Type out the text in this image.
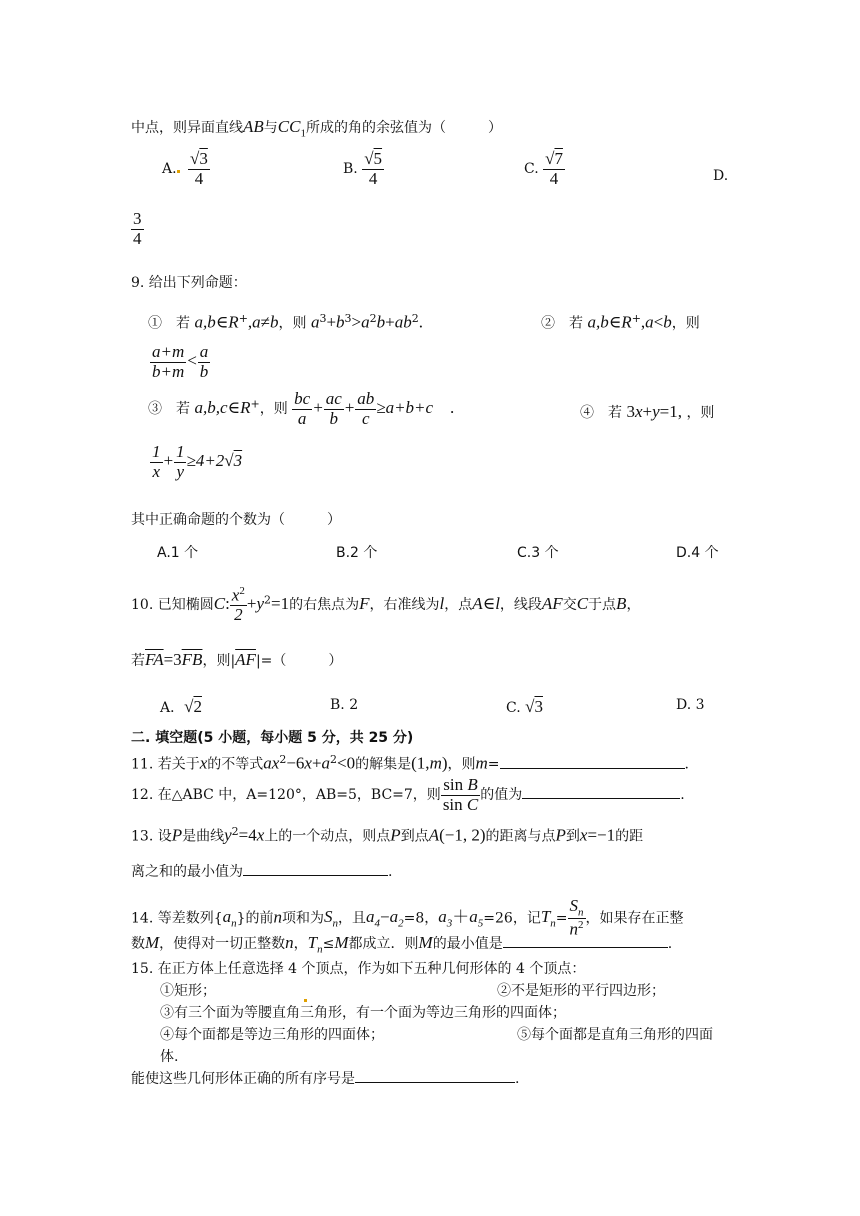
中点，则异面直线AB与$CC_1$所成的角的余弦值为（　　　）
A. $\frac{√3}{4}$	B. $\frac{√5}{4}$	C. $\frac{√7}{4}$	D.
$\frac{3}{4}$
9. 给出下列命题：
①　若 a,b∈R+,a≠b，则 $a^3+b^3>a^2b+ab^2$.	②　若 a,b∈R+,a<b，则
$\frac{a+m}{b+m} < \frac{a}{b}$
③　若 a,b,c∈R+，则 $\frac{bc}{a} + \frac{ac}{b} + \frac{ab}{c} \ge a+b+c$　.	④　若 3x+y=1, ，则
$\frac{1}{x} + \frac{1}{y} \ge 4+2√3$
其中正确命题的个数为（　　　）
A.1 个	B.2 个	C.3 个	D.4 个
10. 已知椭圆C: $\frac{x^2}{2} +y^2=1$的右焦点为F，右准线为l，点A∈l，线段AF交C于点B，
若$\overline{FA}=3\overline{FB}$，则$|\overline{AF}|=$（　　　）
A．√2	B. 2	C. √3	D. 3
二. 填空题(5 小题，每小题 5 分，共 25 分)
11. 若关于x的不等式$ax^2-6x+a^2<0$的解集是(1,m)，则m=	.
12. 在△ABC 中，A=120°，AB=5，BC=7，则 $\frac{\text{sin B}}{\text{sin C}}$ 的值为	.
13. 设P是曲线$y^2=4x$上的一个动点，则点P到点A(−1, 2)的距离与点P到x=−1的距
离之和的最小值为	.
14. 等差数列$\{a_n\}$的前n项和为$S_n$，且$a_4-a_2=8$，$a_3+a_5=26$，记$T_n= \frac{S_n}{n^2}$ ，如果存在正整
数M，使得对一切正整数n，$T_n\le M$都成立．则M的最小值是	.
15. 在正方体上任意选择 4 个顶点，作为如下五种几何形体的 4 个顶点：
①矩形；	②不是矩形的平行四边形；
③有三个面为等腰直角三角形，有一个面为等边三角形的四面体；
④每个面都是等边三角形的四面体；	⑤每个面都是直角三角形的四面
体.
能使这些几何形体正确的所有序号是	.
